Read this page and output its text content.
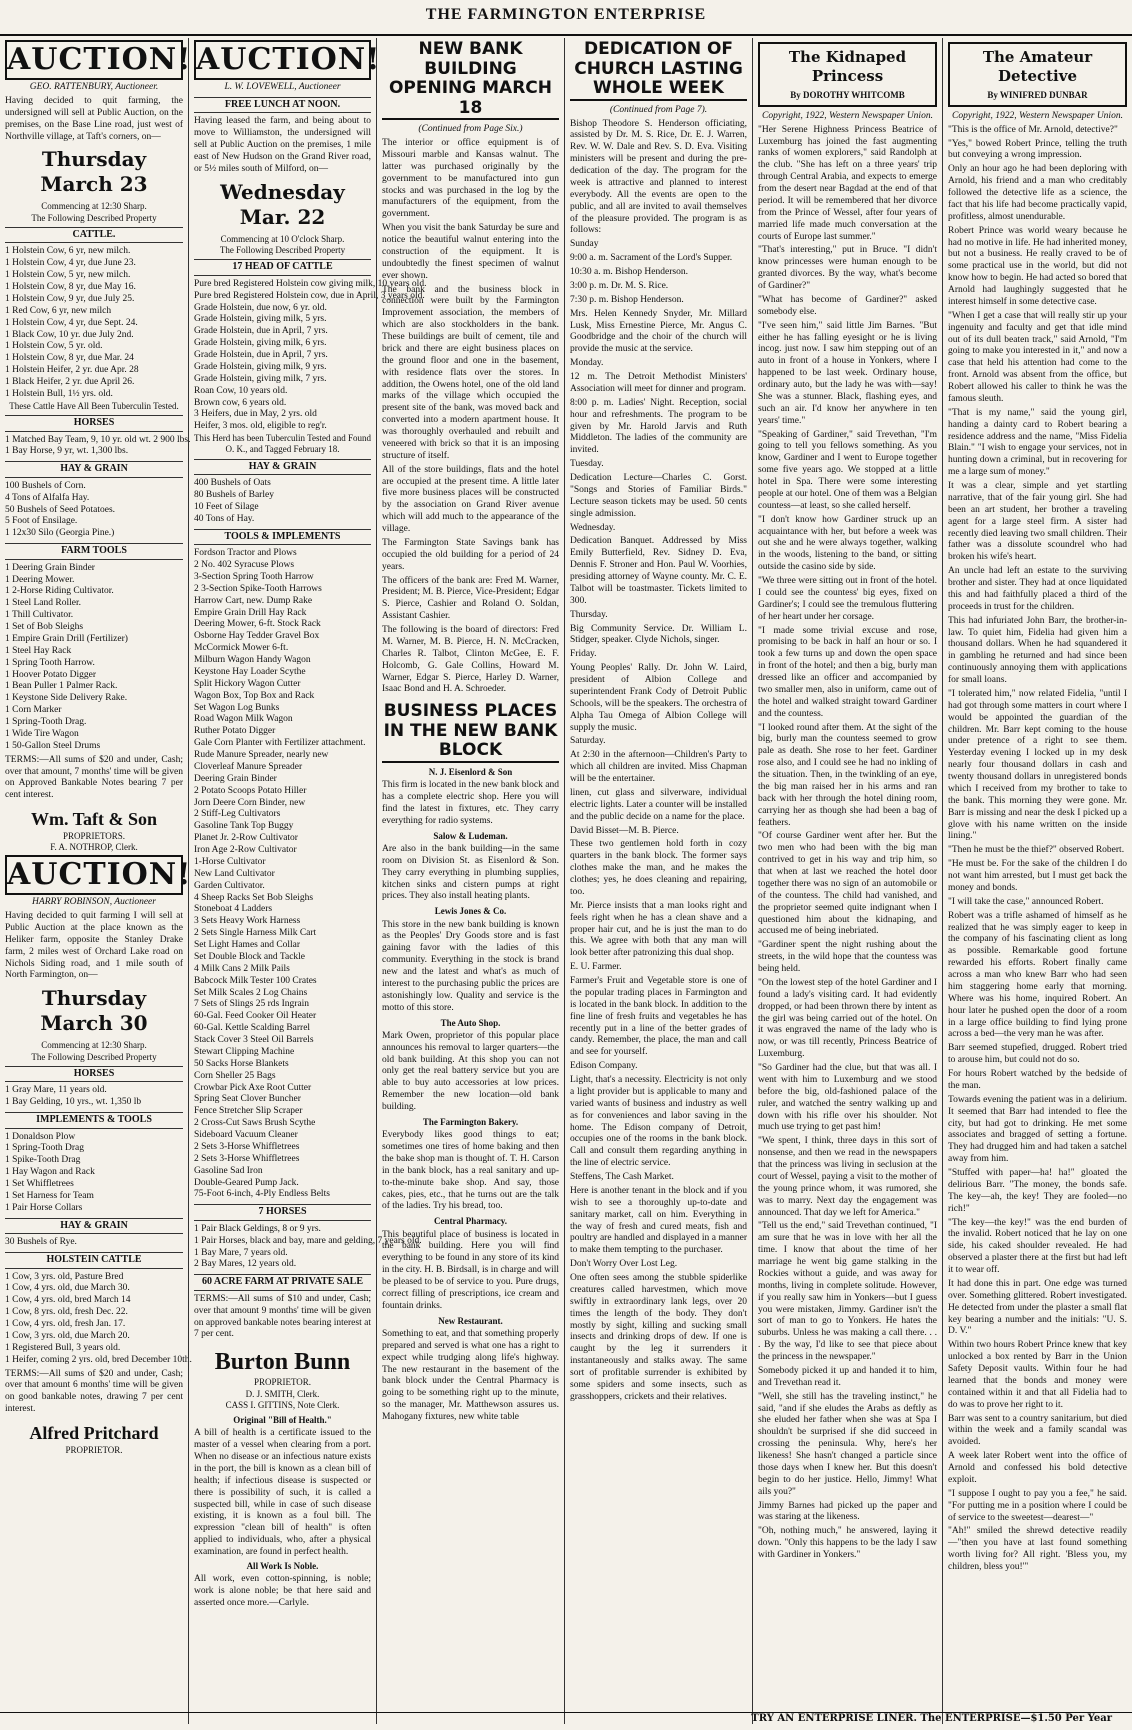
THE FARMINGTON ENTERPRISE
AUCTION!
GEO. RATTENBURY, Auctioneer.
Having decided to quit farming, the undersigned will sell at Public Auction, on the premises, on the Base Line road, just west of Northville village, at Taft's corners, on—
Thursday March 23
Commencing at 12:30 Sharp.
The Following Described Property
CATTLE.
1 Holstein Cow, 6 yr, new milch.
1 Holstein Cow, 4 yr, due June 23.
1 Holstein Cow, 5 yr, new milch.
1 Holstein Cow, 8 yr, due May 16.
1 Holstein Cow, 9 yr, due July 25.
1 Red Cow, 6 yr, new milch
1 Holstein Cow, 4 yr, due Sept. 24.
1 Black Cow, 10 yr. due July 2nd.
1 Holstein Cow, 5 yr. old.
1 Holstein Cow, 8 yr, due Mar. 24
1 Holstein Heifer, 2 yr. due Apr. 28
1 Black Heifer, 2 yr. due April 26.
1 Holstein Bull, 1½ yrs. old.
These Cattle Have All Been Tuberculin Tested.
HORSES
1 Matched Bay Team, 9, 10 yr. old wt. 2 900 lbs.
1 Bay Horse, 9 yr, wt. 1,300 lbs.
HAY & GRAIN
100 Bushels of Corn.
4 Tons of Alfalfa Hay.
50 Bushels of Seed Potatoes.
5 Foot of Ensilage.
1 12x30 Silo (Georgia Pine.)
FARM TOOLS
1 Deering Grain Binder
1 Deering Mower.
1 2-Horse Riding Cultivator.
1 Steel Land Roller.
1 Thill Cultivator.
1 Set of Bob Sleighs
1 Empire Grain Drill (Fertilizer)
1 Steel Hay Rack
1 Spring Tooth Harrow.
1 Hoover Potato Digger
1 Bean Puller 1 Palmer Rack.
1 Keystone Side Delivery Rake.
1 Corn Marker
1 Spring-Tooth Drag.
1 Wide Tire Wagon
1 50-Gallon Steel Drums
TERMS:—All sums of $20 and under, Cash; over that amount, 7 months' time will be given on Approved Bankable Notes bearing 7 per cent interest.
Wm. Taft & Son
PROPRIETORS.
F. A. NOTHROP, Clerk.
AUCTION!
HARRY ROBINSON, Auctioneer
Having decided to quit farming I will sell at Public Auction at the place known as the Heliker farm, opposite the Stanley Drake farm, 2 miles west of Orchard Lake road on Nichols Siding road, and 1 mile south of North Farmington, on—
Thursday March 30
Commencing at 12:30 Sharp.
The Following Described Property
HORSES
1 Gray Mare, 11 years old.
1 Bay Gelding, 10 yrs., wt. 1,350 lb
IMPLEMENTS & TOOLS
1 Donaldson Plow
1 Spring-Tooth Drag
1 Spike-Tooth Drag
1 Hay Wagon and Rack
1 Set Whiffletrees
1 Set Harness for Team
1 Pair Horse Collars
HAY & GRAIN
30 Bushels of Rye.
HOLSTEIN CATTLE
1 Cow, 3 yrs. old, Pasture Bred
1 Cow, 4 yrs. old, due March 30.
1 Cow, 4 yrs. old, bred March 14
1 Cow, 8 yrs. old, fresh Dec. 22.
1 Cow, 4 yrs. old, fresh Jan. 17.
1 Cow, 3 yrs. old, due March 20.
1 Registered Bull, 3 years old.
1 Heifer, coming 2 yrs. old, bred December 10th.
TERMS:—All sums of $20 and under, Cash; over that amount 6 months' time will be given on good bankable notes, drawing 7 per cent interest.
Alfred Pritchard
PROPRIETOR.
AUCTION!
L. W. LOVEWELL, Auctioneer
FREE LUNCH AT NOON.
Having leased the farm, and being about to move to Williamston, the undersigned will sell at Public Auction on the premises, 1 mile east of New Hudson on the Grand River road, or 5½ miles south of Milford, on—
Wednesday Mar. 22
Commencing at 10 O'clock Sharp.
The Following Described Property
17 HEAD OF CATTLE
Pure bred Registered Holstein cow giving milk, 10 years old.
Pure bred Registered Holstein cow, due in April, 3 years old.
Grade Holstein, due now, 6 yr. old.
Grade Holstein, giving milk, 5 yrs.
Grade Holstein, due in April, 7 yrs.
Grade Holstein, giving milk, 6 yrs.
Grade Holstein, due in April, 7 yrs.
Grade Holstein, giving milk, 9 yrs.
Grade Holstein, giving milk, 7 yrs.
Roan Cow, 10 years old.
Brown cow, 6 years old.
3 Heifers, due in May, 2 yrs. old
Heifer, 3 mos. old, eligible to reg'r.
This Herd has been Tuberculin Tested and Found O. K., and Tagged February 18.
HAY & GRAIN
400 Bushels of Oats
80 Bushels of Barley
10 Feet of Silage
40 Tons of Hay.
TOOLS & IMPLEMENTS
Fordson Tractor and Plows
2 No. 402 Syracuse Plows
3-Section Spring Tooth Harrow
2 3-Section Spike-Tooth Harrows
Harrow Cart, new. Dump Rake
Empire Grain Drill Hay Rack
Deering Mower, 6-ft. Stock Rack
Osborne Hay Tedder Gravel Box
McCormick Mower 6-ft.
Milburn Wagon Handy Wagon
Keystone Hay Loader Scythe
Split Hickory Wagon Cutter
Wagon Box, Top Box and Rack
Set Wagon Log Bunks
Road Wagon Milk Wagon
Ruther Potato Digger
Gale Corn Planter with Fertilizer attachment.
Rude Manure Spreader, nearly new
Cloverleaf Manure Spreader
Deering Grain Binder
2 Potato Scoops Potato Hiller
Jorn Deere Corn Binder, new
2 Stiff-Leg Cultivators
Gasoline Tank Top Buggy
Planet Jr. 2-Row Cultivator
Iron Age 2-Row Cultivator
1-Horse Cultivator
New Land Cultivator
Garden Cultivator.
4 Sheep Racks Set Bob Sleighs
Stoneboat 4 Ladders
3 Sets Heavy Work Harness
2 Sets Single Harness Milk Cart
Set Light Hames and Collar
Set Double Block and Tackle
4 Milk Cans 2 Milk Pails
Babcock Milk Tester 100 Crates
Set Milk Scales 2 Log Chains
7 Sets of Slings 25 rds Ingrain
60-Gal. Feed Cooker Oil Heater
60-Gal. Kettle Scalding Barrel
Stack Cover 3 Steel Oil Barrels
Stewart Clipping Machine
50 Sacks Horse Blankets
Corn Sheller 25 Bags
Crowbar Pick Axe Root Cutter
Spring Seat Clover Buncher
Fence Stretcher Slip Scraper
2 Cross-Cut Saws Brush Scythe
Sideboard Vacuum Cleaner
2 Sets 3-Horse Whiffletrees
2 Sets 3-Horse Whiffletrees
Gasoline Sad Iron
Double-Geared Pump Jack.
75-Foot 6-inch, 4-Ply Endless Belts
7 HORSES
1 Pair Black Geldings, 8 or 9 yrs.
1 Pair Horses, black and bay, mare and gelding, 7 years old.
1 Bay Mare, 7 years old.
2 Bay Mares, 12 years old.
60 ACRE FARM AT PRIVATE SALE
TERMS:—All sums of $10 and under, Cash; over that amount 9 months' time will be given on approved bankable notes bearing interest at 7 per cent.
Burton Bunn
PROPRIETOR.
D. J. SMITH, Clerk.
CASS I. GITTINS, Note Clerk.
Original "Bill of Health."
A bill of health is a certificate issued to the master of a vessel when clearing from a port. When no disease or an infectious nature exists in the port, the bill is known as a clean bill of health; if infectious disease is suspected or there is possibility of such, it is called a suspected bill, while in case of such disease existing, it is known as a foul bill. The expression "clean bill of health" is often applied to individuals, who, after a physical examination, are found in perfect health.
All Work Is Noble.
All work, even cotton-spinning, is noble; work is alone noble; be that here said and asserted once more.—Carlyle.
NEW BANK BUILDING OPENING MARCH 18
(Continued from Page Six.)
The interior or office equipment is of Missouri marble and Kansas walnut. The latter was purchased originally by the government to be manufactured into gun stocks and was purchased in the log by the manufacturers of the equipment, from the government.
When you visit the bank Saturday be sure and notice the beautiful walnut entering into the construction of the equipment. It is undoubtedly the finest specimen of walnut ever shown.
The bank and the business block in connection were built by the Farmington Improvement association, the members of which are also stockholders in the bank. These buildings are built of cement, tile and brick and there are eight business places on the ground floor and one in the basement, with residence flats over the stores. In addition, the Owens hotel, one of the old land marks of the village which occupied the present site of the bank, was moved back and converted into a modern apartment house. It was thoroughly overhauled and rebuilt and veneered with brick so that it is an imposing structure of itself.
All of the store buildings, flats and the hotel are occupied at the present time. A little later five more business places will be constructed by the association on Grand River avenue which will add much to the appearance of the village.
The Farmington State Savings bank has occupied the old building for a period of 24 years.
The officers of the bank are: Fred M. Warner, President; M. B. Pierce, Vice-President; Edgar S. Pierce, Cashier and Roland O. Soldan, Assistant Cashier.
The following is the board of directors: Fred M. Warner, M. B. Pierce, H. N. McCracken, Charles R. Talbot, Clinton McGee, E. F. Holcomb, G. Gale Collins, Howard M. Warner, Edgar S. Pierce, Harley D. Warner, Isaac Bond and H. A. Schroeder.
BUSINESS PLACES IN THE NEW BANK BLOCK
N. J. Eisenlord & Son
This firm is located in the new bank block and has a complete electric shop. Here you will find the latest in fixtures, etc. They carry everything for radio systems.
Salow & Ludeman.
Are also in the bank building—in the same room on Division St. as Eisenlord & Son. They carry everything in plumbing supplies, kitchen sinks and cistern pumps at right prices. They also install heating plants.
Lewis Jones & Co.
This store in the new bank building is known as the Peoples' Dry Goods store and is fast gaining favor with the ladies of this community. Everything in the stock is brand new and the latest and what's as much of interest to the purchasing public the prices are astonishingly low. Quality and service is the motto of this store.
The Auto Shop.
Mark Owen, proprietor of this popular place announces his removal to larger quarters—the old bank building. At this shop you can not only get the real battery service but you are able to buy auto accessories at low prices. Remember the new location—old bank building.
The Farmington Bakery.
Everybody likes good things to eat; sometimes one tires of home baking and then the bake shop man is thought of. T. H. Carson in the bank block, has a real sanitary and up-to-the-minute bake shop. And say, those cakes, pies, etc., that he turns out are the talk of the ladies. Try his bread, too.
Central Pharmacy.
This beautiful place of business is located in the bank building. Here you will find everything to be found in any store of its kind in the city. H. B. Birdsall, is in charge and will be pleased to be of service to you. Pure drugs, correct filling of prescriptions, ice cream and fountain drinks.
New Restaurant.
Something to eat, and that something properly prepared and served is what one has a right to expect while trudging along life's highway. The new restaurant in the basement of the bank block under the Central Pharmacy is going to be something right up to the minute, so the manager, Mr. Matthewson assures us. Mahogany fixtures, new white table
DEDICATION OF CHURCH LASTING WHOLE WEEK
(Continued from Page 7).
Bishop Theodore S. Henderson officiating, assisted by Dr. M. S. Rice, Dr. E. J. Warren, Rev. W. W. Dale and Rev. S. D. Eva. Visiting ministers will be present and during the pre-dedication of the day. The program for the week is attractive and planned to interest everybody. All the events are open to the public, and all are invited to avail themselves of the pleasure provided. The program is as follows:
Sunday
9:00 a. m. Sacrament of the Lord's Supper.
10:30 a. m. Bishop Henderson.
3:00 p. m. Dr. M. S. Rice.
7:30 p. m. Bishop Henderson.
Mrs. Helen Kennedy Snyder, Mr. Millard Lusk, Miss Ernestine Pierce, Mr. Angus C. Goodbridge and the choir of the church will provide the music at the service.
Monday.
12 m. The Detroit Methodist Ministers' Association will meet for dinner and program.
8:00 p. m. Ladies' Night. Reception, social hour and refreshments. The program to be given by Mr. Harold Jarvis and Ruth Middleton. The ladies of the community are invited.
Tuesday.
Dedication Lecture—Charles C. Gorst. "Songs and Stories of Familiar Birds." Lecture season tickets may be used. 50 cents single admission.
Wednesday.
Dedication Banquet. Addressed by Miss Emily Butterfield, Rev. Sidney D. Eva, Dennis F. Stroner and Hon. Paul W. Voorhies, presiding attorney of Wayne county. Mr. C. E. Talbot will be toastmaster. Tickets limited to 300.
Thursday.
Big Community Service. Dr. William L. Stidger, speaker. Clyde Nichols, singer.
Friday.
Young Peoples' Rally. Dr. John W. Laird, president of Albion College and superintendent Frank Cody of Detroit Public Schools, will be the speakers. The orchestra of Alpha Tau Omega of Albion College will supply the music.
Saturday.
At 2:30 in the afternoon—Children's Party to which all children are invited. Miss Chapman will be the entertainer.
linen, cut glass and silverware, individual electric lights. Later a counter will be installed and the public decide on a name for the place.
David Bisset—M. B. Pierce.
These two gentlemen hold forth in cozy quarters in the bank block. The former says clothes make the man, and he makes the clothes; yes, he does cleaning and repairing, too.
Mr. Pierce insists that a man looks right and feels right when he has a clean shave and a proper hair cut, and he is just the man to do this. We agree with both that any man will look better after patronizing this dual shop.
E. U. Farmer.
Farmer's Fruit and Vegetable store is one of the popular trading places in Farmington and is located in the bank block. In addition to the fine line of fresh fruits and vegetables he has recently put in a line of the better grades of candy. Remember, the place, the man and call and see for yourself.
Edison Company.
Light, that's a necessity. Electricity is not only a light provider but is applicable to many and varied wants of business and industry as well as for conveniences and labor saving in the home. The Edison company of Detroit, occupies one of the rooms in the bank block. Call and consult them regarding anything in the line of electric service.
Steffens, The Cash Market.
Here is another tenant in the block and if you wish to see a thoroughly up-to-date and sanitary market, call on him. Everything in the way of fresh and cured meats, fish and poultry are handled and displayed in a manner to make them tempting to the purchaser.
Don't Worry Over Lost Leg.
One often sees among the stubble spiderlike creatures called harvestmen, which move swiftly in extraordinary lank legs, over 20 times the length of the body. They don't mostly by sight, killing and sucking small insects and drinking drops of dew. If one is caught by the leg it surrenders it instantaneously and stalks away. The same sort of profitable surrender is exhibited by some spiders and some insects, such as grasshoppers, crickets and their relatives.
The Kidnaped Princess
By DOROTHY WHITCOMB
Copyright, 1922, Western Newspaper Union.
"Her Serene Highness Princess Beatrice of Luxemburg has joined the fast augmenting ranks of women explorers," said Randolph at the club. "She has left on a three years' trip through Central Arabia, and expects to emerge from the desert near Bagdad at the end of that period. It will be remembered that her divorce from the Prince of Wessel, after four years of married life made much conversation at the courts of Europe last summer."
"That's interesting," put in Bruce. "I didn't know princesses were human enough to be granted divorces. By the way, what's become of Gardiner?"
"What has become of Gardiner?" asked somebody else.
"I've seen him," said little Jim Barnes. "But either he has falling eyesight or he is living incog. just now. I saw him stepping out of an auto in front of a house in Yonkers, where I happened to be last week. Ordinary house, ordinary auto, but the lady he was with—say! She was a stunner. Black, flashing eyes, and such an air. I'd know her anywhere in ten years' time."
"Speaking of Gardiner," said Trevethan, "I'm going to tell you fellows something. As you know, Gardiner and I went to Europe together some five years ago. We stopped at a little hotel in Spa. There were some interesting people at our hotel. One of them was a Belgian countess—at least, so she called herself.
"I don't know how Gardiner struck up an acquaintance with her, but before a week was out she and he were always together, walking in the woods, listening to the band, or sitting outside the casino side by side.
"We three were sitting out in front of the hotel. I could see the countess' big eyes, fixed on Gardiner's; I could see the tremulous fluttering of her heart under her corsage.
"I made some trivial excuse and rose, promising to be back in half an hour or so. I took a few turns up and down the open space in front of the hotel; and then a big, burly man dressed like an officer and accompanied by two smaller men, also in uniform, came out of the hotel and walked straight toward Gardiner and the countess.
"I looked round after them. At the sight of the big, burly man the countess seemed to grow pale as death. She rose to her feet. Gardiner rose also, and I could see he had no inkling of the situation. Then, in the twinkling of an eye, the big man raised her in his arms and ran back with her through the hotel dining room, carrying her as though she had been a bag of feathers.
"Of course Gardiner went after her. But the two men who had been with the big man contrived to get in his way and trip him, so that when at last we reached the hotel door together there was no sign of an automobile or of the countess. The child had vanished, and the proprietor seemed quite indignant when I questioned him about the kidnaping, and accused me of being inebriated.
"Gardiner spent the night rushing about the streets, in the wild hope that the countess was being held.
"On the lowest step of the hotel Gardiner and I found a lady's visiting card. It had evidently dropped, or had been thrown there by intent as the girl was being carried out of the hotel. On it was engraved the name of the lady who is now, or was till recently, Princess Beatrice of Luxemburg.
"So Gardiner had the clue, but that was all. I went with him to Luxemburg and we stood before the big, old-fashioned palace of the ruler, and watched the sentry walking up and down with his rifle over his shoulder. Not much use trying to get past him!
"We spent, I think, three days in this sort of nonsense, and then we read in the newspapers that the princess was living in seclusion at the court of Wessel, paying a visit to the mother of the young prince whom, it was rumored, she was to marry. Next day the engagement was announced. That day we left for America."
"Tell us the end," said Trevethan continued, "I am sure that he was in love with her all the time. I know that about the time of her marriage he went big game stalking in the Rockies without a guide, and was away for months, living in complete solitude. However, if you really saw him in Yonkers—but I guess you were mistaken, Jimmy. Gardiner isn't the sort of man to go to Yonkers. He hates the suburbs. Unless he was making a call there. . . . By the way, I'd like to see that piece about the princess in the newspaper."
Somebody picked it up and handed it to him, and Trevethan read it.
"Well, she still has the traveling instinct," he said, "and if she eludes the Arabs as deftly as she eluded her father when she was at Spa I shouldn't be surprised if she did succeed in crossing the peninsula. Why, here's her likeness! She hasn't changed a particle since those days when I knew her. But this doesn't begin to do her justice. Hello, Jimmy! What ails you?"
Jimmy Barnes had picked up the paper and was staring at the likeness.
"Oh, nothing much," he answered, laying it down. "Only this happens to be the lady I saw with Gardiner in Yonkers."
The Amateur Detective
By WINIFRED DUNBAR
Copyright, 1922, Western Newspaper Union.
"This is the office of Mr. Arnold, detective?"
"Yes," bowed Robert Prince, telling the truth but conveying a wrong impression.
Only an hour ago he had been deploring with Arnold, his friend and a man who creditably followed the detective life as a science, the fact that his life had become practically vapid, profitless, almost unendurable.
Robert Prince was world weary because he had no motive in life. He had inherited money, but not a business. He really craved to be of some practical use in the world, but did not know how to begin. He had acted so bored that Arnold had laughingly suggested that he interest himself in some detective case.
"When I get a case that will really stir up your ingenuity and faculty and get that idle mind out of its dull beaten track," said Arnold, "I'm going to make you interested in it," and now a case that held his attention had come to the front. Arnold was absent from the office, but Robert allowed his caller to think he was the famous sleuth.
"That is my name," said the young girl, handing a dainty card to Robert bearing a residence address and the name, "Miss Fidelia Blain." "I wish to engage your services, not in hunting down a criminal, but in recovering for me a large sum of money."
It was a clear, simple and yet startling narrative, that of the fair young girl. She had been an art student, her brother a traveling agent for a large steel firm. A sister had recently died leaving two small children. Their father was a dissolute scoundrel who had broken his wife's heart.
An uncle had left an estate to the surviving brother and sister. They had at once liquidated this and had faithfully placed a third of the proceeds in trust for the children.
This had infuriated John Barr, the brother-in-law. To quiet him, Fidelia had given him a thousand dollars. When he had squandered it in gambling he returned and had since been continuously annoying them with applications for small loans.
"I tolerated him," now related Fidelia, "until I had got through some matters in court where I would be appointed the guardian of the children. Mr. Barr kept coming to the house under pretence of a right to see them. Yesterday evening I locked up in my desk nearly four thousand dollars in cash and twenty thousand dollars in unregistered bonds which I received from my brother to take to the bank. This morning they were gone. Mr. Barr is missing and near the desk I picked up a glove with his name written on the inside lining."
"Then he must be the thief?" observed Robert.
"He must be. For the sake of the children I do not want him arrested, but I must get back the money and bonds.
"I will take the case," announced Robert.
Robert was a trifle ashamed of himself as he realized that he was simply eager to keep in the company of his fascinating client as long as possible. Remarkable good fortune rewarded his efforts. Robert finally came across a man who knew Barr who had seen him staggering home early that morning. Where was his home, inquired Robert. An hour later he pushed open the door of a room in a large office building to find lying prone across a bed—the very man he was after.
Barr seemed stupefied, drugged. Robert tried to arouse him, but could not do so.
For hours Robert watched by the bedside of the man.
Towards evening the patient was in a delirium. It seemed that Barr had intended to flee the city, but had got to drinking. He met some associates and bragged of setting a fortune. They had drugged him and had taken a satchel away from him.
"Stuffed with paper—ha! ha!" gloated the delirious Barr. "The money, the bonds safe. The key—ah, the key! They are fooled—no rich!"
"The key—the key!" was the end burden of the invalid. Robert noticed that he lay on one side, his caked shoulder revealed. He had observed a plaster there at the first but had left it to wear off.
It had done this in part. One edge was turned over. Something glittered. Robert investigated. He detected from under the plaster a small flat key bearing a number and the initials: "U. S. D. V."
Within two hours Robert Prince knew that key unlocked a box rented by Barr in the Union Safety Deposit vaults. Within four he had learned that the bonds and money were contained within it and that all Fidelia had to do was to prove her right to it.
Barr was sent to a country sanitarium, but died within the week and a family scandal was avoided.
A week later Robert went into the office of Arnold and confessed his bold detective exploit.
"I suppose I ought to pay you a fee," he said. "For putting me in a position where I could be of service to the sweetest—dearest—"
"Ah!" smiled the shrewd detective readily—"then you have at last found something worth living for? All right. 'Bless you, my children, bless you!'"
TRY AN ENTERPRISE LINER. The ENTERPRISE—$1.50 Per Year
